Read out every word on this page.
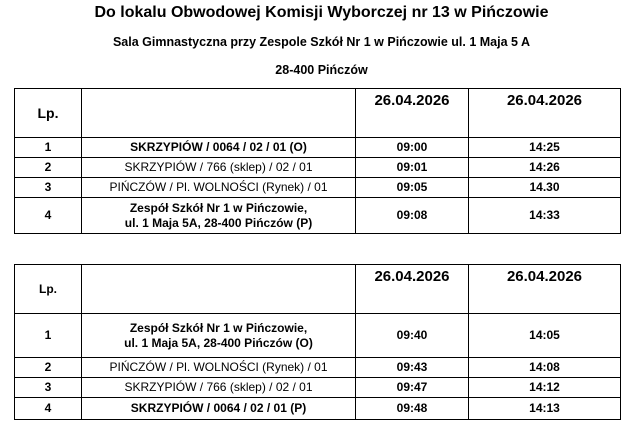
Do lokalu Obwodowej Komisji Wyborczej nr 13 w Pińczowie
Sala Gimnastyczna przy Zespole Szkół Nr 1 w Pińczowie ul. 1 Maja 5 A
28-400 Pińczów
Lp.		26.04.2026	26.04.2026
1	SKRZYPIÓW / 0064 / 02 / 01 (O)	09:00	14:25
2	SKRZYPIÓW / 766 (sklep) / 02 / 01	09:01	14:26
3	PIŃCZÓW / Pl. WOLNOŚCI (Rynek) / 01	09:05	14.30
4	Zespół Szkół Nr 1 w Pińczowie,
ul. 1 Maja 5A, 28-400 Pińczów (P)	09:08	14:33
Lp.		26.04.2026	26.04.2026
1	Zespół Szkół Nr 1 w Pińczowie,
ul. 1 Maja 5A, 28-400 Pińczów (O)	09:40	14:05
2	PIŃCZÓW / Pl. WOLNOŚCI (Rynek) / 01	09:43	14:08
3	SKRZYPIÓW / 766 (sklep) / 02 / 01	09:47	14:12
4	SKRZYPIÓW / 0064 / 02 / 01 (P)	09:48	14:13
